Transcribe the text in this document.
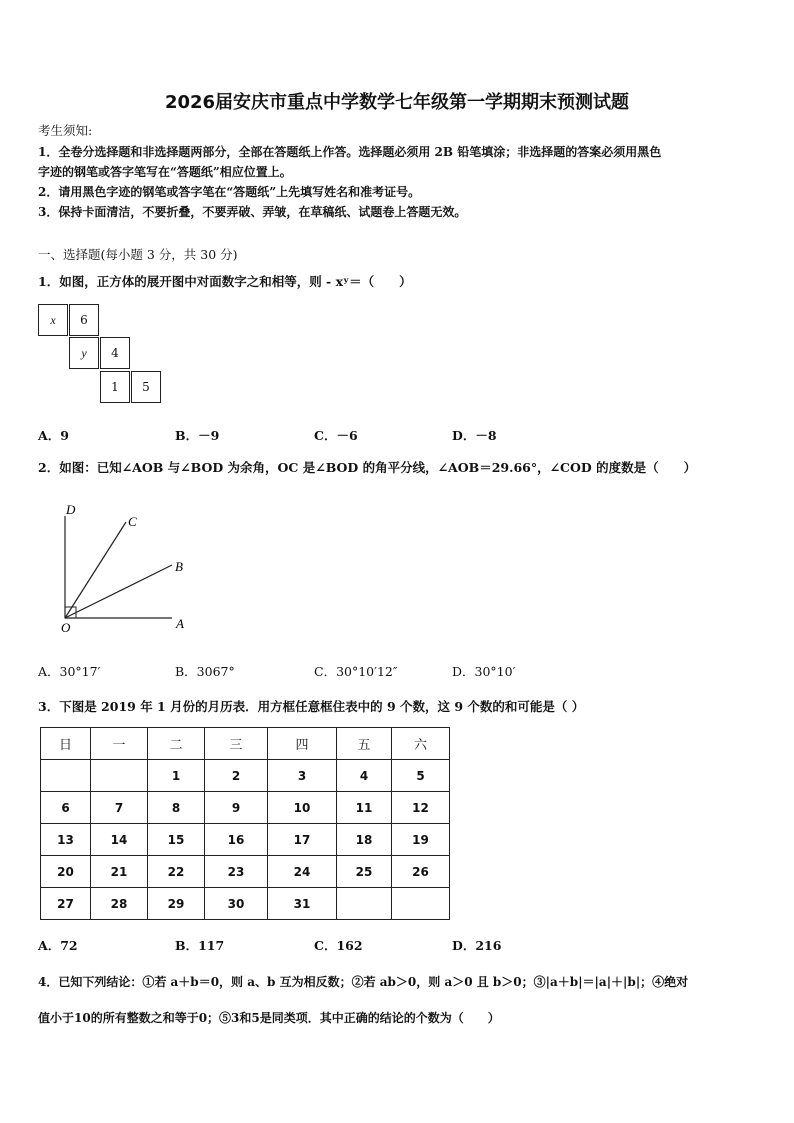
2026届安庆市重点中学数学七年级第一学期期末预测试题
考生须知:
1．全卷分选择题和非选择题两部分，全部在答题纸上作答。选择题必须用 2B 铅笔填涂；非选择题的答案必须用黑色
字迹的钢笔或答字笔写在“答题纸”相应位置上。
2．请用黑色字迹的钢笔或答字笔在“答题纸”上先填写姓名和准考证号。
3．保持卡面清洁，不要折叠，不要弄破、弄皱，在草稿纸、试题卷上答题无效。
一、选择题(每小题 3 分，共 30 分)
1．如图，正方体的展开图中对面数字之和相等，则 - xʸ＝（　　）
x	6
y	4
1	5
A．9	B．－9	C．－6	D．－8
2．如图：已知∠AOB 与∠BOD 为余角，OC 是∠BOD 的角平分线，∠AOB＝29.66°，∠COD 的度数是（　　）
D
C
B
O	A
A．30°17′	B．3067°	C．30°10′12″	D．30°10′
3．下图是 2019 年 1 月份的月历表．用方框任意框住表中的 9 个数，这 9 个数的和可能是（ ）
日	一	二	三	四	五	六
		1	2	3	4	5
6	7	8	9	10	11	12
13	14	15	16	17	18	19
20	21	22	23	24	25	26
27	28	29	30	31		
A．72	B．117	C．162	D．216
4．已知下列结论：①若 a＋b＝0，则 a、b 互为相反数；②若 ab＞0，则 a＞0 且 b＞0；③|a＋b|＝|a|＋|b|；④绝对
值小于10的所有整数之和等于0；⑤3和5是同类项．其中正确的结论的个数为（　　）
